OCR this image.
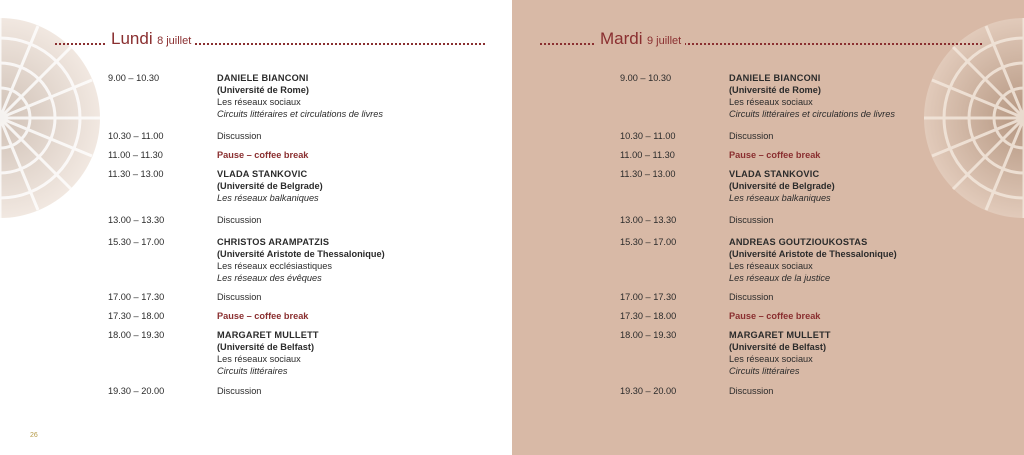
Lundi 8 juillet
9.00 – 10.30	DANIELE BIANCONI
(Université de Rome)
Les réseaux sociaux
Circuits littéraires et circulations de livres
10.30 – 11.00	Discussion
11.00 – 11.30	Pause – coffee break
11.30 – 13.00	VLADA STANKOVIC
(Université de Belgrade)
Les réseaux balkaniques
13.00 – 13.30	Discussion
15.30 – 17.00	CHRISTOS ARAMPATZIS
(Université Aristote de Thessalonique)
Les réseaux ecclésiastiques
Les réseaux des évêques
17.00 – 17.30	Discussion
17.30 – 18.00	Pause – coffee break
18.00 – 19.30	MARGARET MULLETT
(Université de Belfast)
Les réseaux sociaux
Circuits littéraires
19.30 – 20.00	Discussion
26
Mardi 9 juillet
9.00 – 10.30	DANIELE BIANCONI
(Université de Rome)
Les réseaux sociaux
Circuits littéraires et circulations de livres
10.30 – 11.00	Discussion
11.00 – 11.30	Pause – coffee break
11.30 – 13.00	VLADA STANKOVIC
(Université de Belgrade)
Les réseaux balkaniques
13.00 – 13.30	Discussion
15.30 – 17.00	ANDREAS GOUTZIOUKOSTAS
(Université Aristote de Thessalonique)
Les réseaux sociaux
Les réseaux de la justice
17.00 – 17.30	Discussion
17.30 – 18.00	Pause – coffee break
18.00 – 19.30	MARGARET MULLETT
(Université de Belfast)
Les réseaux sociaux
Circuits littéraires
19.30 – 20.00	Discussion
